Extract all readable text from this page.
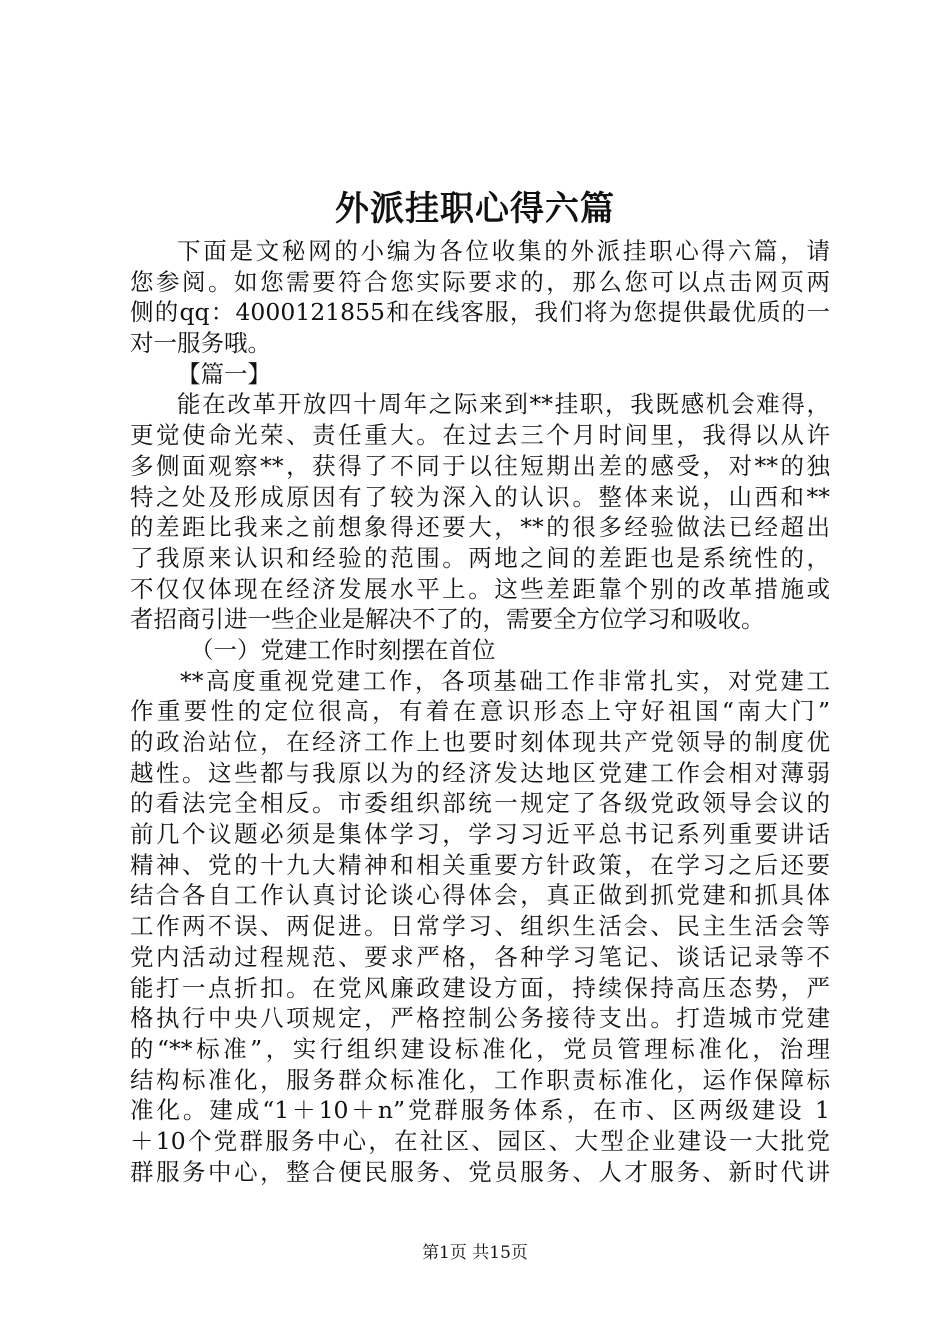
外派挂职心得六篇
下面是文秘网的小编为各位收集的外派挂职心得六篇，请
您参阅。如您需要符合您实际要求的，那么您可以点击网页两
侧的qq：4000121855和在线客服，我们将为您提供最优质的一
对一服务哦。
【篇一】
能在改革开放四十周年之际来到**挂职，我既感机会难得，
更觉使命光荣、责任重大。在过去三个月时间里，我得以从许
多侧面观察**，获得了不同于以往短期出差的感受，对**的独
特之处及形成原因有了较为深入的认识。整体来说，山西和**
的差距比我来之前想象得还要大，**的很多经验做法已经超出
了我原来认识和经验的范围。两地之间的差距也是系统性的，
不仅仅体现在经济发展水平上。这些差距靠个别的改革措施或
者招商引进一些企业是解决不了的，需要全方位学习和吸收。
（一）党建工作时刻摆在首位
**高度重视党建工作，各项基础工作非常扎实，对党建工
作重要性的定位很高，有着在意识形态上守好祖国“南大门”
的政治站位，在经济工作上也要时刻体现共产党领导的制度优
越性。这些都与我原以为的经济发达地区党建工作会相对薄弱
的看法完全相反。市委组织部统一规定了各级党政领导会议的
前几个议题必须是集体学习，学习习近平总书记系列重要讲话
精神、党的十九大精神和相关重要方针政策，在学习之后还要
结合各自工作认真讨论谈心得体会，真正做到抓党建和抓具体
工作两不误、两促进。日常学习、组织生活会、民主生活会等
党内活动过程规范、要求严格，各种学习笔记、谈话记录等不
能打一点折扣。在党风廉政建设方面，持续保持高压态势，严
格执行中央八项规定，严格控制公务接待支出。打造城市党建
的“**标准”，实行组织建设标准化，党员管理标准化，治理
结构标准化，服务群众标准化，工作职责标准化，运作保障标
准化。建成“1＋10＋n”党群服务体系，在市、区两级建设 1
＋10个党群服务中心，在社区、园区、大型企业建设一大批党
群服务中心，整合便民服务、党员服务、人才服务、新时代讲
第1页 共15页
